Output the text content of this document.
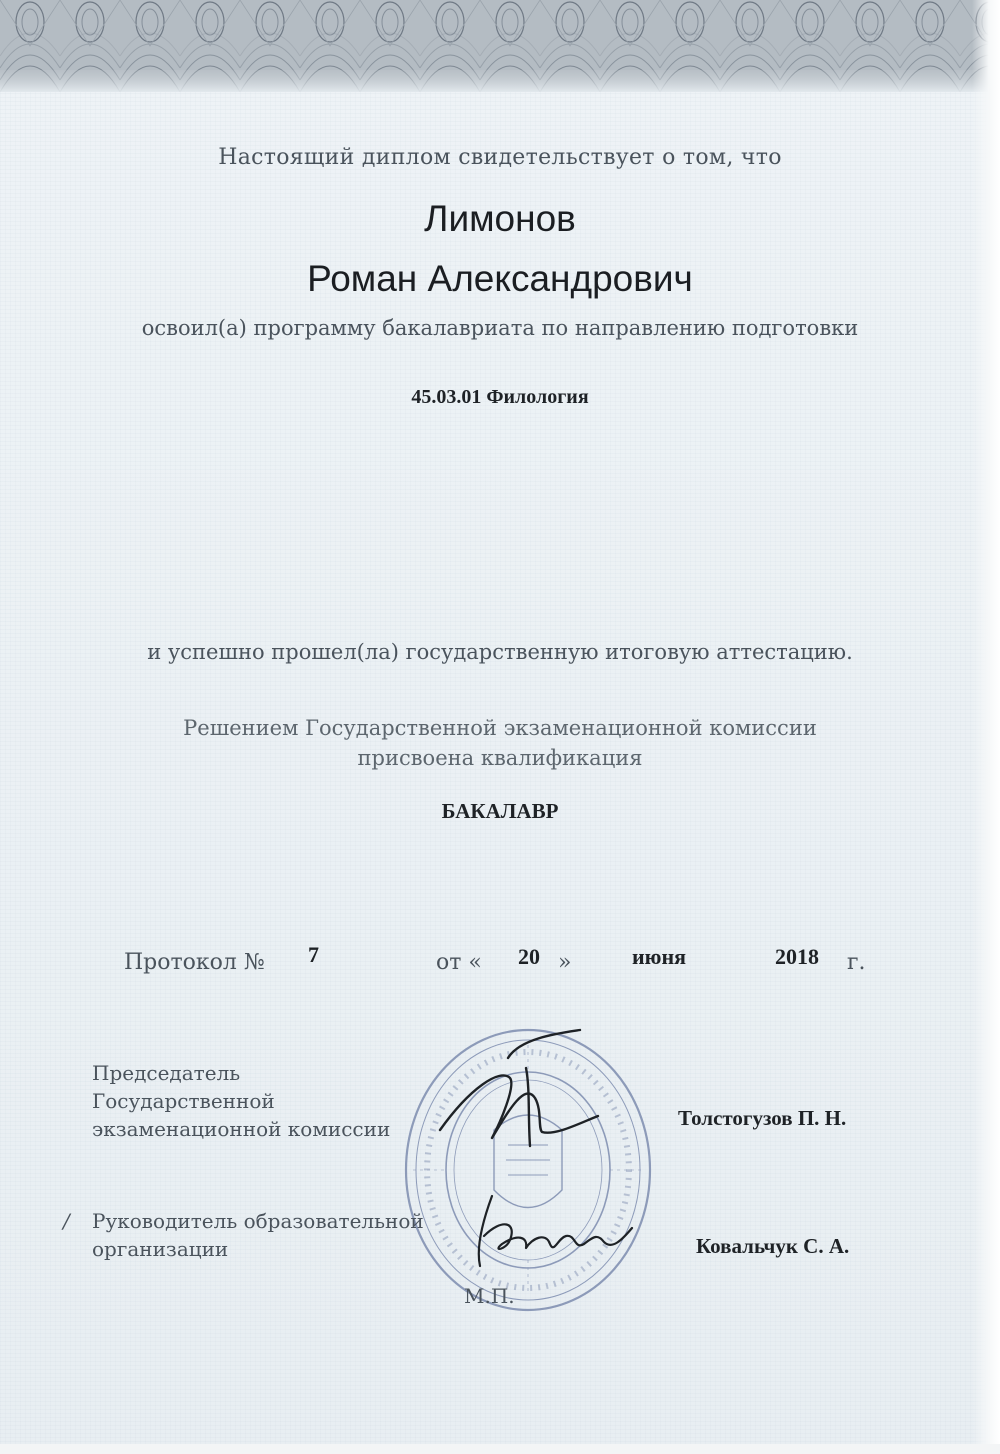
Настоящий диплом свидетельствует о том, что
Лимонов
Роман Александрович
освоил(а) программу бакалавриата по направлению подготовки
45.03.01 Филология
и успешно прошел(ла) государственную итоговую аттестацию.
Решением Государственной экзаменационной комиссии
присвоена квалификация
БАКАЛАВР
Протокол № 7	от « 20 »	июня	2018 г.
Председатель
Государственной
экзаменационной комиссии	Толстогузов П. Н.
/ Руководитель образовательной
организации	Ковальчук С. А.
М.П.
